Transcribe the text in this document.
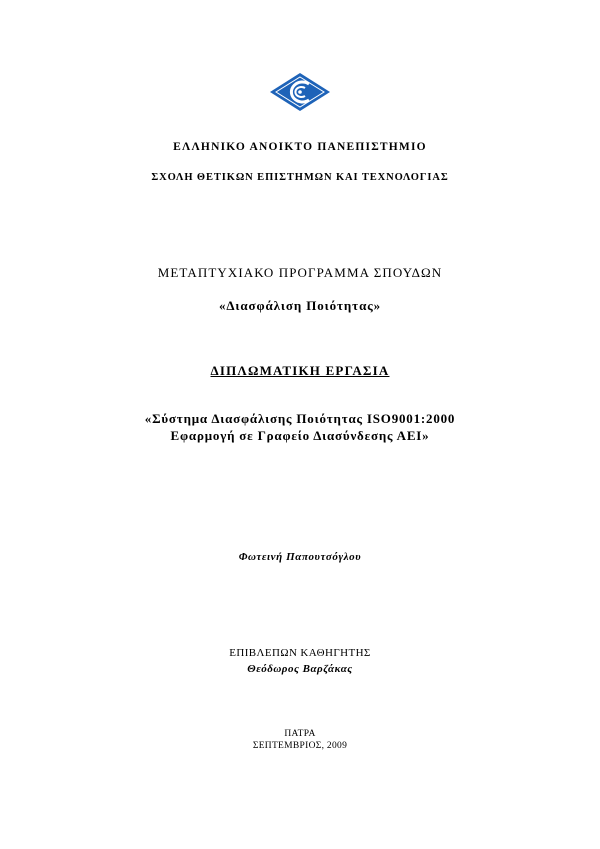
ΕΛΛΗΝΙΚΟ ΑΝΟΙΚΤΟ ΠΑΝΕΠΙΣΤΗΜΙΟ
ΣΧΟΛΗ ΘΕΤΙΚΩΝ ΕΠΙΣΤΗΜΩΝ ΚΑΙ ΤΕΧΝΟΛΟΓΙΑΣ
ΜΕΤΑΠΤΥΧΙΑΚΟ ΠΡΟΓΡΑΜΜΑ ΣΠΟΥΔΩΝ
«Διασφάλιση Ποιότητας»
ΔΙΠΛΩΜΑΤΙΚΗ ΕΡΓΑΣΙΑ
«Σύστημα Διασφάλισης Ποιότητας ISO9001:2000
Εφαρμογή σε Γραφείο Διασύνδεσης ΑΕΙ»
Φωτεινή Παπουτσόγλου
ΕΠΙΒΛΕΠΩΝ ΚΑΘΗΓΗΤΗΣ
Θεόδωρος Βαρζάκας
ΠΑΤΡΑ
ΣΕΠΤΕΜΒΡΙΟΣ, 2009
